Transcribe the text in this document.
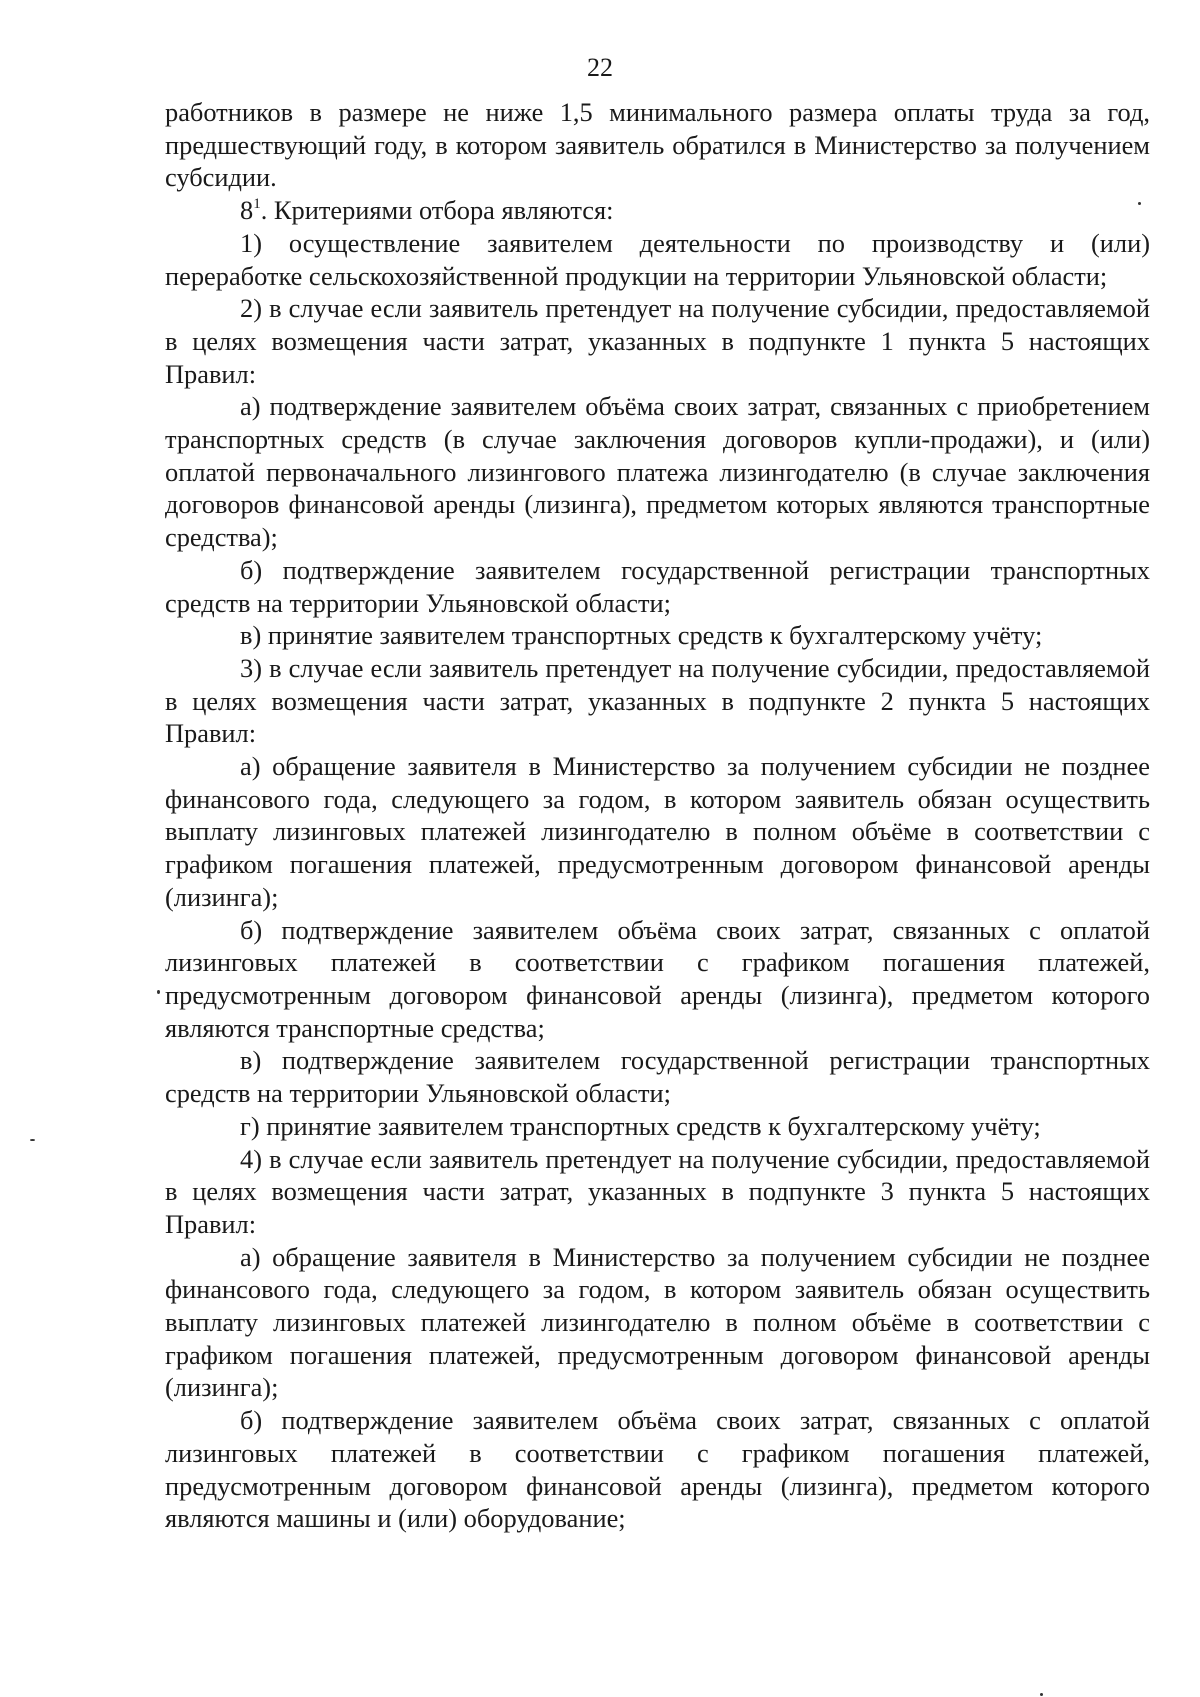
22

работников в размере не ниже 1,5 минимального размера оплаты труда за год, предшествующий году, в котором заявитель обратился в Министерство за получением субсидии.

$8^1$. Критериями отбора являются:

1) осуществление заявителем деятельности по производству и (или) переработке сельскохозяйственной продукции на территории Ульяновской области;

2) в случае если заявитель претендует на получение субсидии, предоставляемой в целях возмещения части затрат, указанных в подпункте 1 пункта 5 настоящих Правил:

а) подтверждение заявителем объёма своих затрат, связанных с приобретением транспортных средств (в случае заключения договоров купли-продажи), и (или) оплатой первоначального лизингового платежа лизингодателю (в случае заключения договоров финансовой аренды (лизинга), предметом которых являются транспортные средства);

б) подтверждение заявителем государственной регистрации транспортных средств на территории Ульяновской области;

в) принятие заявителем транспортных средств к бухгалтерскому учёту;

3) в случае если заявитель претендует на получение субсидии, предоставляемой в целях возмещения части затрат, указанных в подпункте 2 пункта 5 настоящих Правил:

а) обращение заявителя в Министерство за получением субсидии не позднее финансового года, следующего за годом, в котором заявитель обязан осуществить выплату лизинговых платежей лизингодателю в полном объёме в соответствии с графиком погашения платежей, предусмотренным договором финансовой аренды (лизинга);

б) подтверждение заявителем объёма своих затрат, связанных с оплатой лизинговых платежей в соответствии с графиком погашения платежей, предусмотренным договором финансовой аренды (лизинга), предметом которого являются транспортные средства;

в) подтверждение заявителем государственной регистрации транспортных средств на территории Ульяновской области;

г) принятие заявителем транспортных средств к бухгалтерскому учёту;

4) в случае если заявитель претендует на получение субсидии, предоставляемой в целях возмещения части затрат, указанных в подпункте 3 пункта 5 настоящих Правил:

а) обращение заявителя в Министерство за получением субсидии не позднее финансового года, следующего за годом, в котором заявитель обязан осуществить выплату лизинговых платежей лизингодателю в полном объёме в соответствии с графиком погашения платежей, предусмотренным договором финансовой аренды (лизинга);

б) подтверждение заявителем объёма своих затрат, связанных с оплатой лизинговых платежей в соответствии с графиком погашения платежей, предусмотренным договором финансовой аренды (лизинга), предметом которого являются машины и (или) оборудование;
